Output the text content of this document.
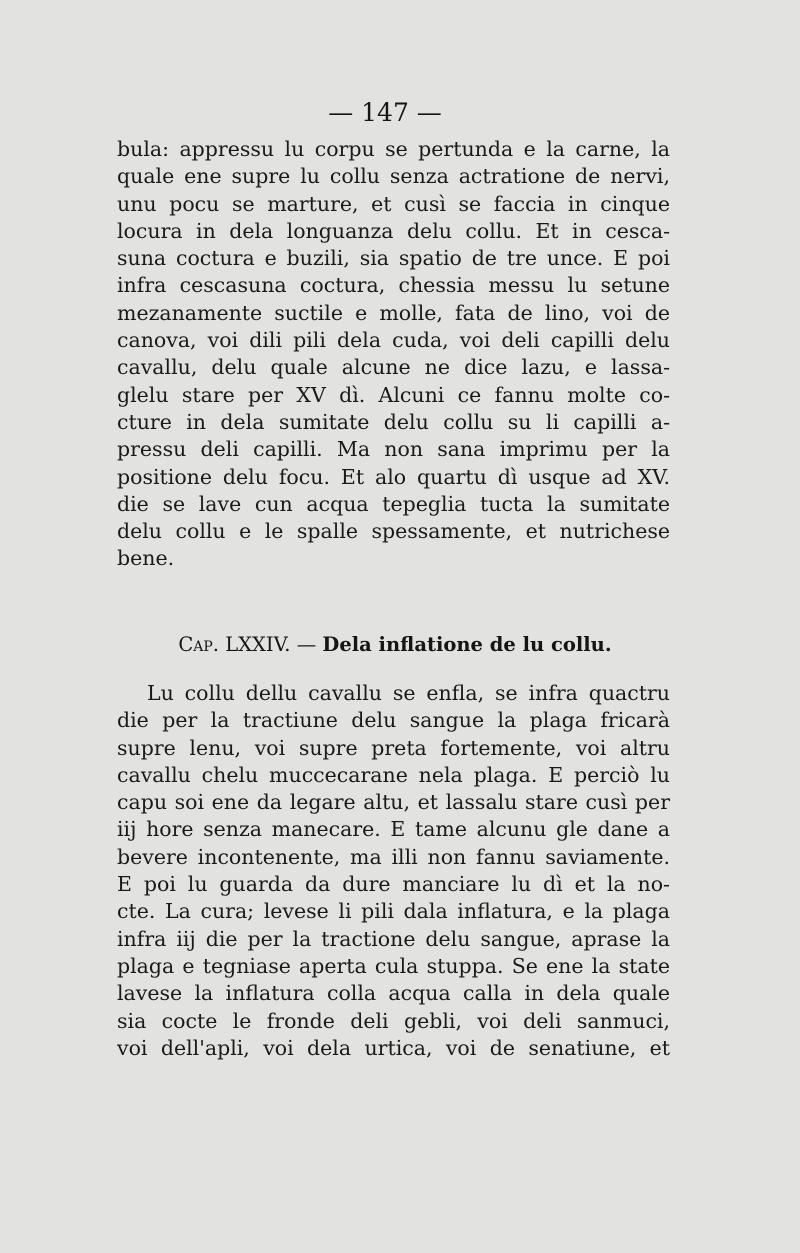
— 147 —
bula: appressu lu corpu se pertunda e la carne, la
quale ene supre lu collu senza actratione de nervi,
unu pocu se marture, et cusì se faccia in cinque
locura in dela longuanza delu collu. Et in cesca-
suna coctura e buzili, sia spatio de tre unce. E poi
infra cescasuna coctura, chessia messu lu setune
mezanamente suctile e molle, fata de lino, voi de
canova, voi dili pili dela cuda, voi deli capilli delu
cavallu, delu quale alcune ne dice lazu, e lassa-
glelu stare per XV dì. Alcuni ce fannu molte co-
cture in dela sumitate delu collu su li capilli a-
pressu deli capilli. Ma non sana imprimu per la
positione delu focu. Et alo quartu dì usque ad XV.
die se lave cun acqua tepeglia tucta la sumitate
delu collu e le spalle spessamente, et nutrichese
bene.
Cap. LXXIV. — Dela inflatione de lu collu.
Lu collu dellu cavallu se enfla, se infra quactru
die per la tractiune delu sangue la plaga fricarà
supre lenu, voi supre preta fortemente, voi altru
cavallu chelu muccecarane nela plaga. E perciò lu
capu soi ene da legare altu, et lassalu stare cusì per
iij hore senza manecare. E tame alcunu gle dane a
bevere incontenente, ma illi non fannu saviamente.
E poi lu guarda da dure manciare lu dì et la no-
cte. La cura; levese li pili dala inflatura, e la plaga
infra iij die per la tractione delu sangue, aprase la
plaga e tegniase aperta cula stuppa. Se ene la state
lavese la inflatura colla acqua calla in dela quale
sia cocte le fronde deli gebli, voi deli sanmuci,
voi dell'apli, voi dela urtica, voi de senatiune, et
